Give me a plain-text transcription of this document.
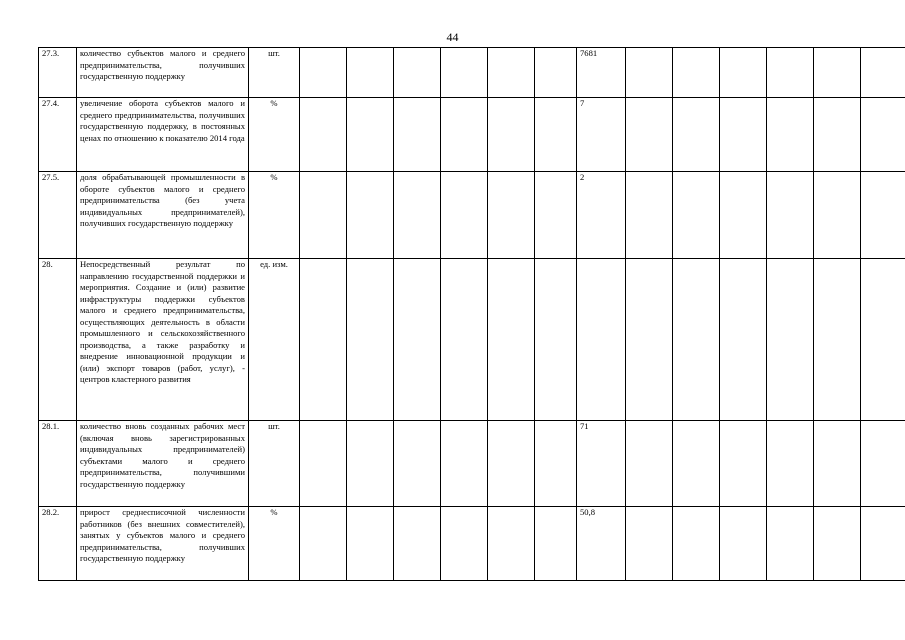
44
27.3.	количество субъектов малого и среднего предпринимательства, получивших государственную поддержку	шт.							7681						
27.4.	увеличение оборота субъектов малого и среднего предпринимательства, получивших государственную поддержку, в постоянных ценах по отношению к показателю 2014 года	%							7						
27.5.	доля обрабатывающей промышленности в обороте субъектов малого и среднего предпринимательства (без учета индивидуальных предпринимателей), получивших государственную поддержку	%							2						
28.	Непосредственный результат по направлению государственной поддержки и мероприятия. Создание и (или) развитие инфраструктуры поддержки субъектов малого и среднего предпринимательства, осуществляющих деятельность в области промышленного и сельскохозяйственного производства, а также разработку и внедрение инновационной продукции и (или) экспорт товаров (работ, услуг), - центров кластерного развития	ед. изм.													
28.1.	количество вновь созданных рабочих мест (включая вновь зарегистрированных индивидуальных предпринимателей) субъектами малого и среднего предпринимательства, получившими государственную поддержку	шт.							71						
28.2.	прирост среднесписочной численности работников (без внешних совместителей), занятых у субъектов малого и среднего предпринимательства, получивших государственную поддержку	%							50,8						
